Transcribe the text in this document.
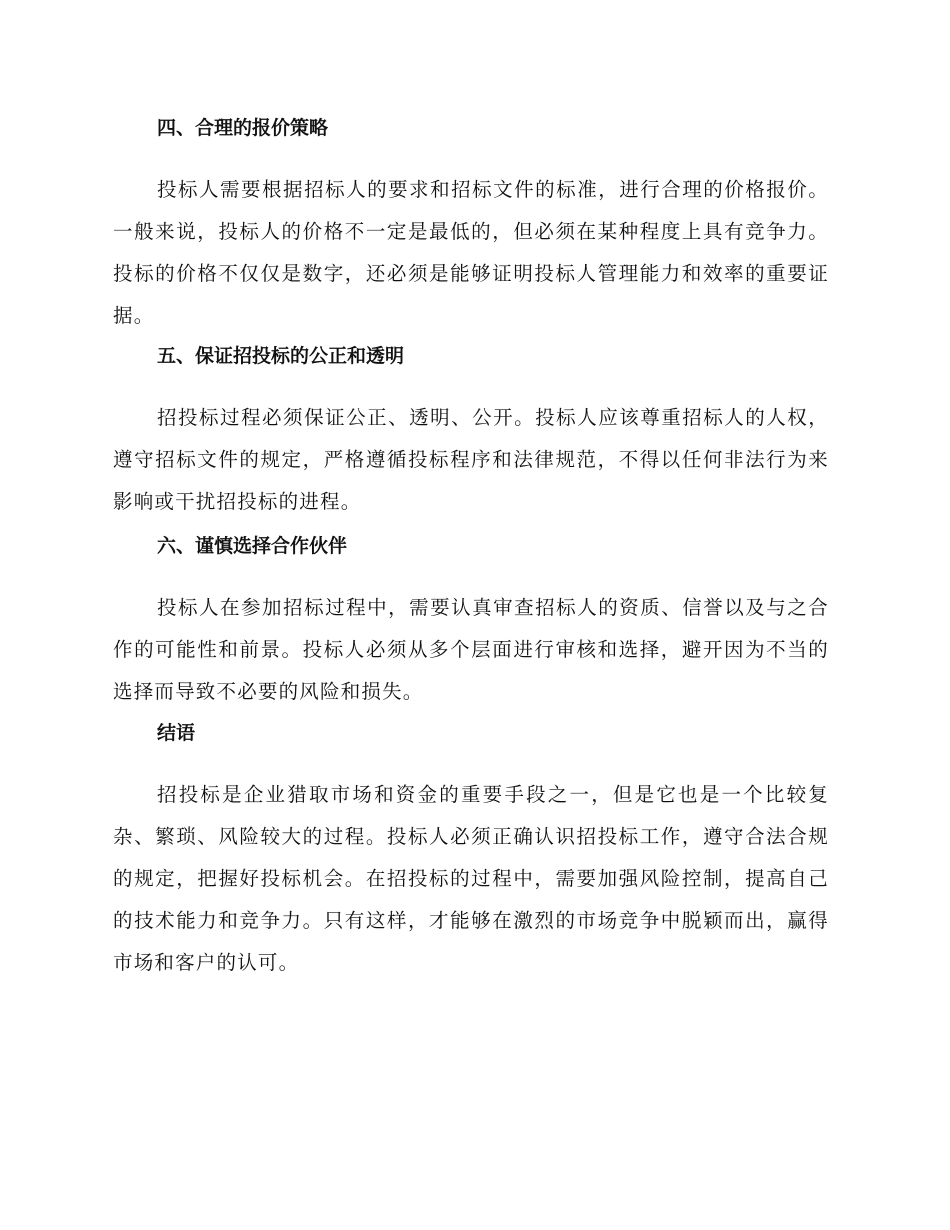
四、合理的报价策略

投标人需要根据招标人的要求和招标文件的标准，进行合理的价格报价。一般来说，投标人的价格不一定是最低的，但必须在某种程度上具有竞争力。投标的价格不仅仅是数字，还必须是能够证明投标人管理能力和效率的重要证据。

五、保证招投标的公正和透明

招投标过程必须保证公正、透明、公开。投标人应该尊重招标人的人权，遵守招标文件的规定，严格遵循投标程序和法律规范，不得以任何非法行为来影响或干扰招投标的进程。

六、谨慎选择合作伙伴

投标人在参加招标过程中，需要认真审查招标人的资质、信誉以及与之合作的可能性和前景。投标人必须从多个层面进行审核和选择，避开因为不当的选择而导致不必要的风险和损失。

结语

招投标是企业猎取市场和资金的重要手段之一，但是它也是一个比较复杂、繁琐、风险较大的过程。投标人必须正确认识招投标工作，遵守合法合规的规定，把握好投标机会。在招投标的过程中，需要加强风险控制，提高自己的技术能力和竞争力。只有这样，才能够在激烈的市场竞争中脱颖而出，赢得市场和客户的认可。
